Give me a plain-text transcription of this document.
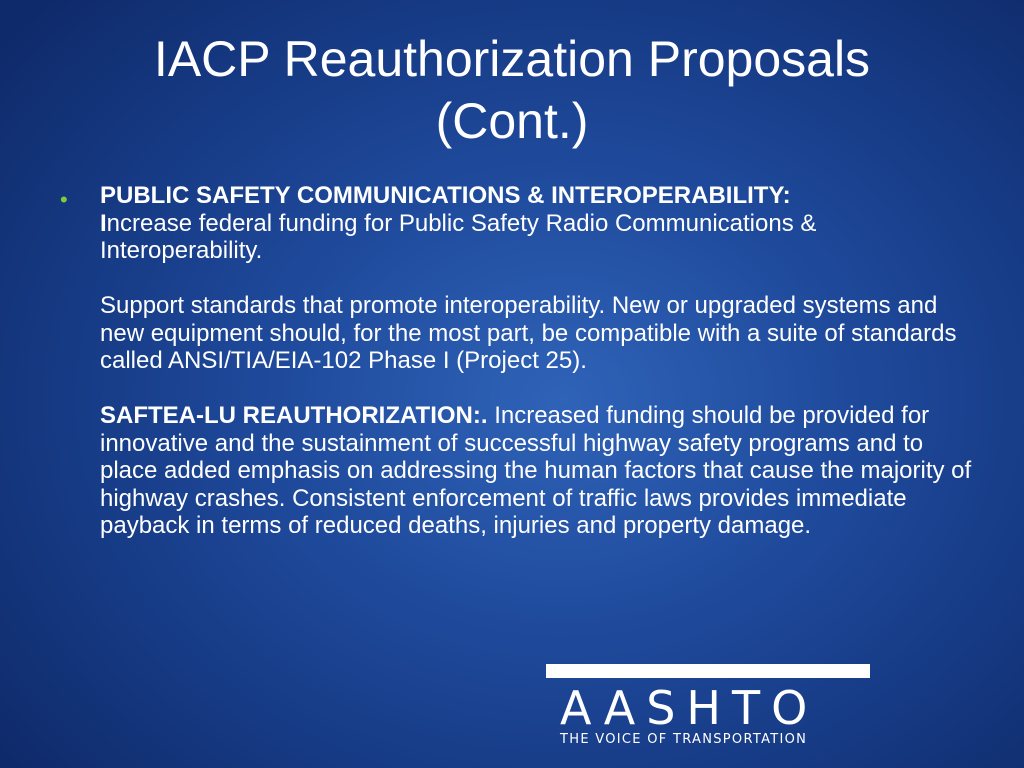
IACP Reauthorization Proposals
(Cont.)
• PUBLIC SAFETY COMMUNICATIONS & INTEROPERABILITY:
Increase federal funding for Public Safety Radio Communications & Interoperability.

Support standards that promote interoperability. New or upgraded systems and new equipment should, for the most part, be compatible with a suite of standards called ANSI/TIA/EIA-102 Phase I (Project 25).

SAFTEA-LU REAUTHORIZATION:. Increased funding should be provided for innovative and the sustainment of successful highway safety programs and to place added emphasis on addressing the human factors that cause the majority of highway crashes. Consistent enforcement of traffic laws provides immediate payback in terms of reduced deaths, injuries and property damage.

AASHTO
THE VOICE OF TRANSPORTATION
